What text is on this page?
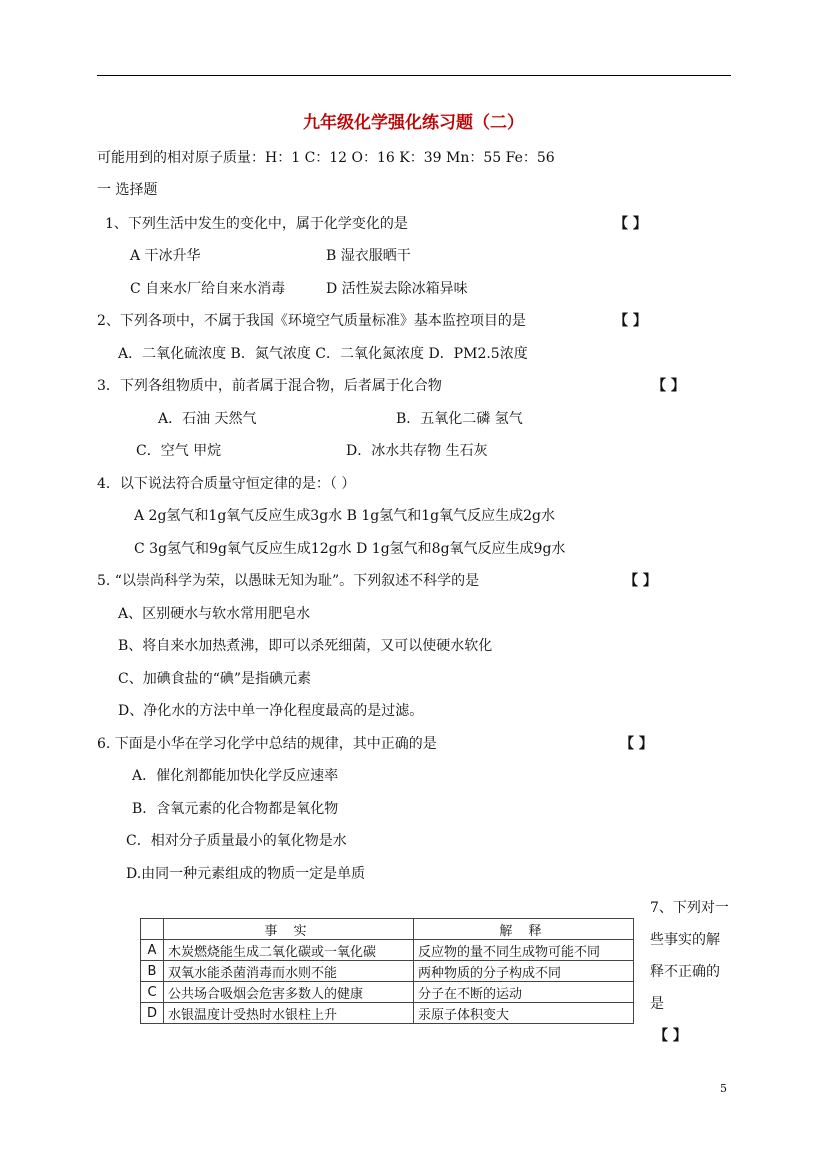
九年级化学强化练习题（二）
可能用到的相对原子质量：H：1 C：12 O：16 K：39 Mn：55 Fe：56
一 选择题
1、下列生活中发生的变化中，属于化学变化的是	【 】
A 干冰升华	B 湿衣服晒干
C 自来水厂给自来水消毒	D 活性炭去除冰箱异味
2、下列各项中，不属于我国《环境空气质量标准》基本监控项目的是	【 】
A．二氧化硫浓度 B．氮气浓度 C．二氧化氮浓度 D．PM2.5浓度
3．下列各组物质中，前者属于混合物，后者属于化合物	【 】
A．石油 天然气	B．五氧化二磷 氢气
C．空气 甲烷	D．冰水共存物 生石灰
4．以下说法符合质量守恒定律的是：（ ）
A 2g氢气和1g氧气反应生成3g水 B 1g氢气和1g氧气反应生成2g水
C 3g氢气和9g氧气反应生成12g水 D 1g氢气和8g氧气反应生成9g水
5. “以崇尚科学为荣，以愚昧无知为耻”。下列叙述不科学的是	【 】
A、区别硬水与软水常用肥皂水
B、将自来水加热煮沸，即可以杀死细菌，又可以使硬水软化
C、加碘食盐的“碘”是指碘元素
D、净化水的方法中单一净化程度最高的是过滤。
6. 下面是小华在学习化学中总结的规律，其中正确的是	【 】
A．催化剂都能加快化学反应速率
B．含氧元素的化合物都是氧化物
C．相对分子质量最小的氧化物是水
D.由同一种元素组成的物质一定是单质
	事 实	解 释
A	木炭燃烧能生成二氧化碳或一氧化碳	反应物的量不同生成物可能不同
B	双氧水能杀菌消毒而水则不能	两种物质的分子构成不同
C	公共场合吸烟会危害多数人的健康	分子在不断的运动
D	水银温度计受热时水银柱上升	汞原子体积变大
7、下列对一
些事实的解
释不正确的
是
【 】
5
